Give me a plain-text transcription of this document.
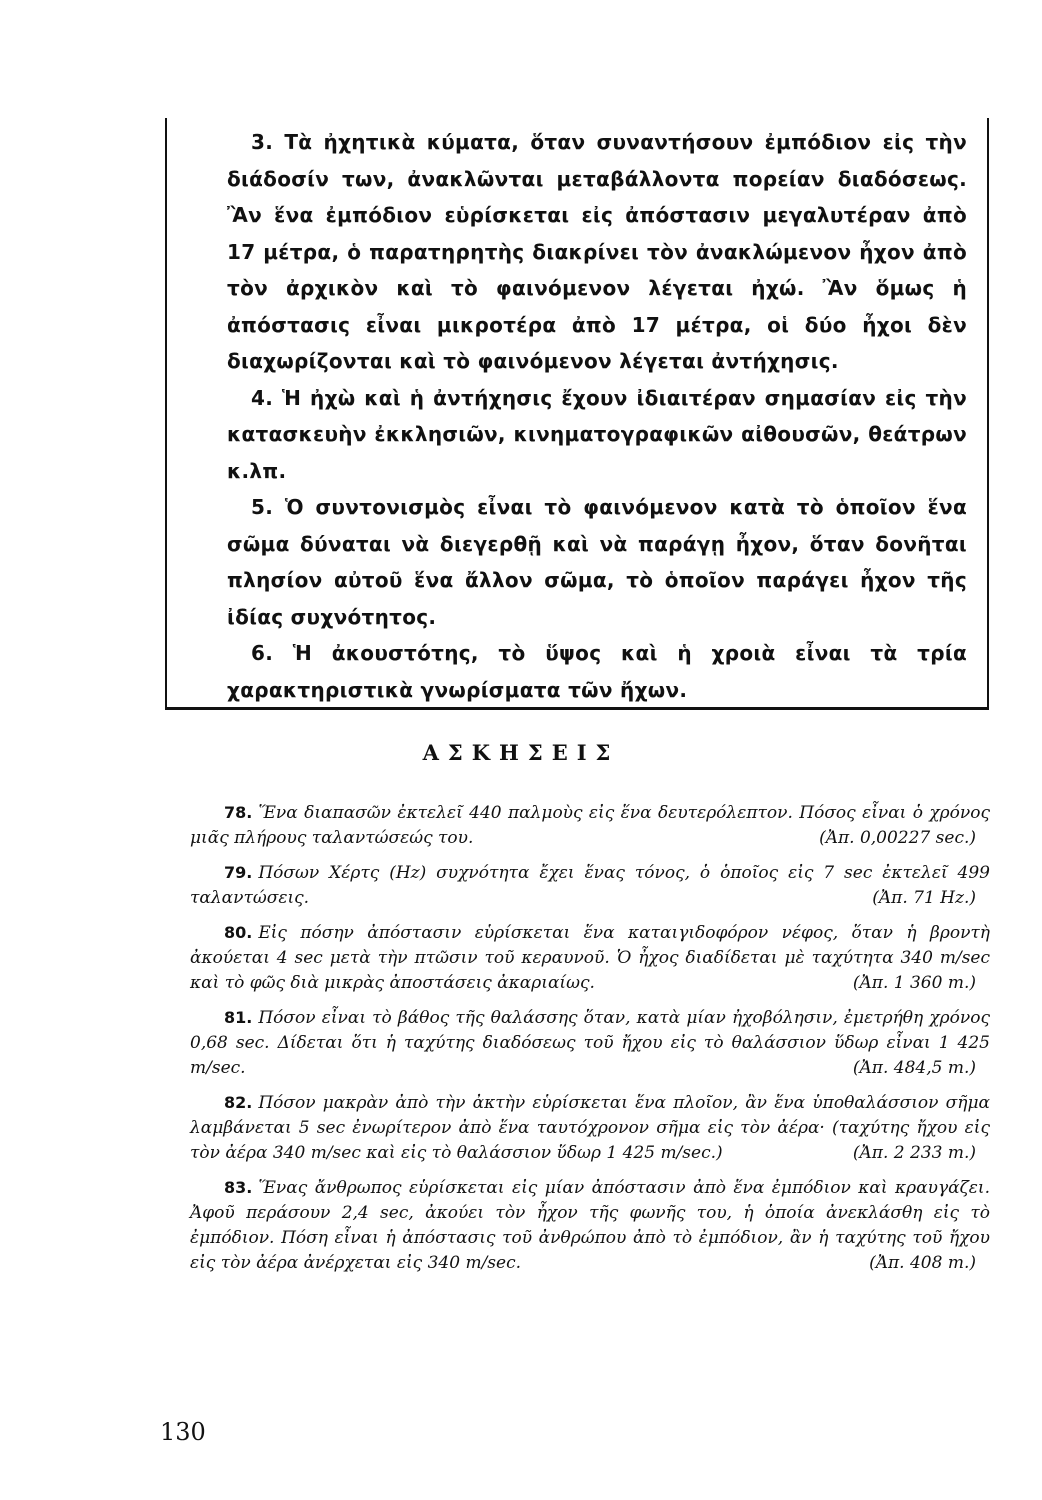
3. Τὰ ἠχητικὰ κύματα, ὅταν συναντήσουν ἐμπόδιον εἰς τὴν διάδοσίν των, ἀνακλῶνται μεταβάλλοντα πορείαν διαδόσεως. Ἂν ἕνα ἐμπόδιον εὑρίσκεται εἰς ἀπόστασιν μεγαλυτέραν ἀπὸ 17 μέτρα, ὁ παρατηρητὴς διακρίνει τὸν ἀνακλώμενον ἦχον ἀπὸ τὸν ἀρχικὸν καὶ τὸ φαινόμενον λέγεται ἠχώ. Ἂν ὅμως ἡ ἀπόστασις εἶναι μικροτέρα ἀπὸ 17 μέτρα, οἱ δύο ἦχοι δὲν διαχωρίζονται καὶ τὸ φαινόμενον λέγεται ἀντήχησις.

4. Ἡ ἠχὼ καὶ ἡ ἀντήχησις ἔχουν ἰδιαιτέραν σημασίαν εἰς τὴν κατασκευὴν ἐκκλησιῶν, κινηματογραφικῶν αἰθουσῶν, θεάτρων κ.λπ.

5. Ὁ συντονισμὸς εἶναι τὸ φαινόμενον κατὰ τὸ ὁποῖον ἕνα σῶμα δύναται νὰ διεγερθῇ καὶ νὰ παράγῃ ἦχον, ὅταν δονῆται πλησίον αὐτοῦ ἕνα ἄλλον σῶμα, τὸ ὁποῖον παράγει ἦχον τῆς ἰδίας συχνότητος.

6. Ἡ ἀκουστότης, τὸ ὕψος καὶ ἡ χροιὰ εἶναι τὰ τρία χαρακτηριστικὰ γνωρίσματα τῶν ἤχων.

ΑΣΚΗΣΕΙΣ
78. Ἕνα διαπασῶν ἐκτελεῖ 440 παλμοὺς εἰς ἕνα δευτερόλεπτον. Πόσος εἶναι ὁ χρόνος μιᾶς πλήρους ταλαντώσεώς του.	(Ἀπ. 0,00227 sec.)
79. Πόσων Χέρτς (Hz) συχνότητα ἔχει ἕνας τόνος, ὁ ὁποῖος εἰς 7 sec ἐκτελεῖ 499 ταλαντώσεις.	(Ἀπ. 71 Hz.)
80. Εἰς πόσην ἀπόστασιν εὑρίσκεται ἕνα καταιγιδοφόρον νέφος, ὅταν ἡ βροντὴ ἀκούεται 4 sec μετὰ τὴν πτῶσιν τοῦ κεραυνοῦ. Ὁ ἦχος διαδίδεται μὲ ταχύτητα 340 m/sec καὶ τὸ φῶς διὰ μικρὰς ἀποστάσεις ἀκαριαίως.	(Ἀπ. 1 360 m.)
81. Πόσον εἶναι τὸ βάθος τῆς θαλάσσης ὅταν, κατὰ μίαν ἠχοβόλησιν, ἐμετρήθη χρόνος 0,68 sec. Δίδεται ὅτι ἡ ταχύτης διαδόσεως τοῦ ἤχου εἰς τὸ θαλάσσιον ὕδωρ εἶναι 1 425 m/sec.	(Ἀπ. 484,5 m.)
82. Πόσον μακρὰν ἀπὸ τὴν ἀκτὴν εὑρίσκεται ἕνα πλοῖον, ἂν ἕνα ὑποθαλάσσιον σῆμα λαμβάνεται 5 sec ἐνωρίτερον ἀπὸ ἕνα ταυτόχρονον σῆμα εἰς τὸν ἀέρα· (ταχύτης ἤχου εἰς τὸν ἀέρα 340 m/sec καὶ εἰς τὸ θαλάσσιον ὕδωρ 1 425 m/sec.)	(Ἀπ. 2 233 m.)
83. Ἕνας ἄνθρωπος εὑρίσκεται εἰς μίαν ἀπόστασιν ἀπὸ ἕνα ἐμπόδιον καὶ κραυγάζει. Ἀφοῦ περάσουν 2,4 sec, ἀκούει τὸν ἦχον τῆς φωνῆς του, ἡ ὁποία ἀνεκλάσθη εἰς τὸ ἐμπόδιον. Πόση εἶναι ἡ ἀπόστασις τοῦ ἀνθρώπου ἀπὸ τὸ ἐμπόδιον, ἂν ἡ ταχύτης τοῦ ἤχου εἰς τὸν ἀέρα ἀνέρχεται εἰς 340 m/sec.	(Ἀπ. 408 m.)
130
